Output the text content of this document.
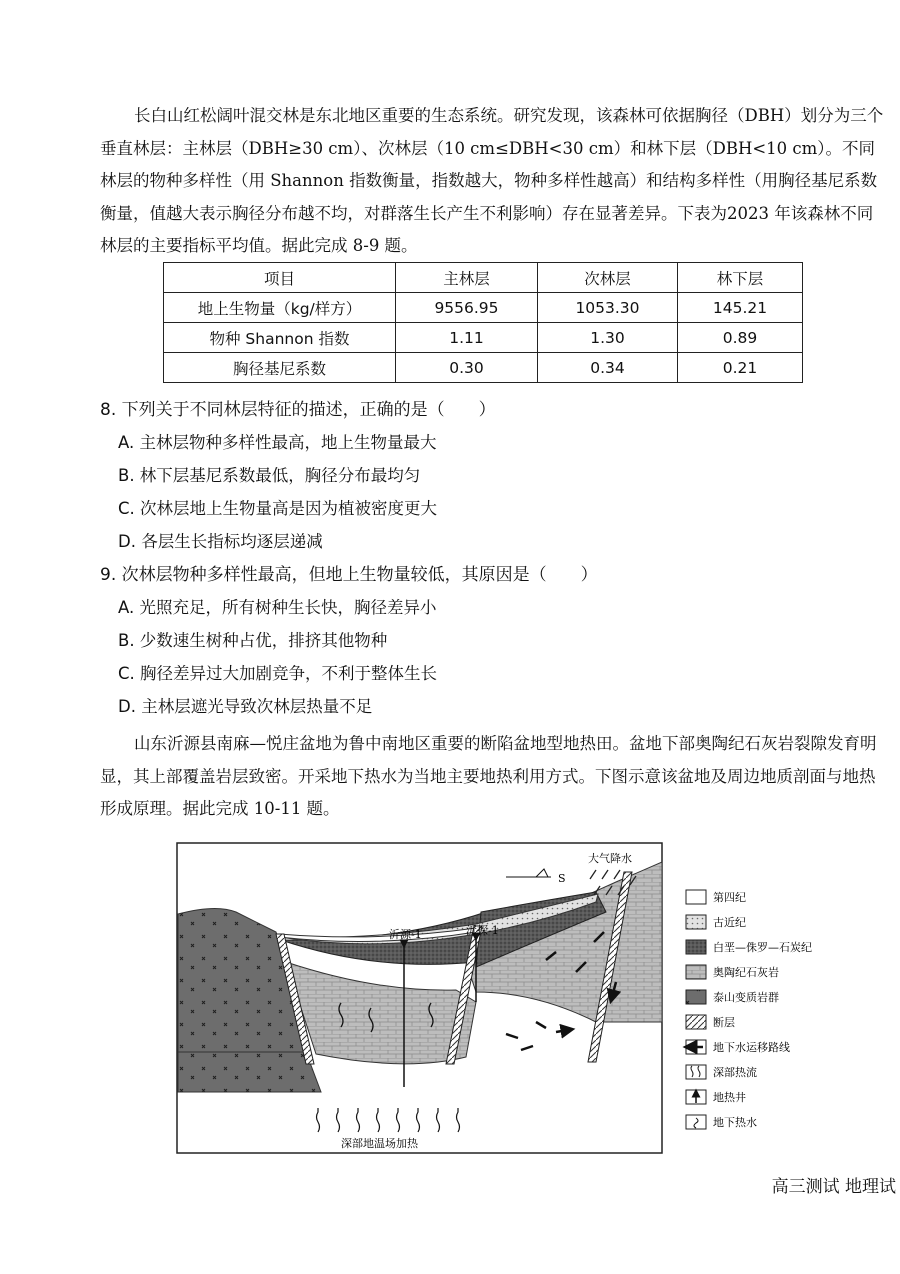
长白山红松阔叶混交林是东北地区重要的生态系统。研究发现，该森林可依据胸径（DBH）划分为三个垂直林层：主林层（DBH≥30 cm）、次林层（10 cm≤DBH<30 cm）和林下层（DBH<10 cm）。不同林层的物种多样性（用 Shannon 指数衡量，指数越大，物种多样性越高）和结构多样性（用胸径基尼系数衡量，值越大表示胸径分布越不均，对群落生长产生不利影响）存在显著差异。下表为2023 年该森林不同林层的主要指标平均值。据此完成 8-9 题。
项目	主林层	次林层	林下层
地上生物量（kg/样方）	9556.95	1053.30	145.21
物种 Shannon 指数	1.11	1.30	0.89
胸径基尼系数	0.30	0.34	0.21
8. 下列关于不同林层特征的描述，正确的是（　　）
A. 主林层物种多样性最高，地上生物量最大
B. 林下层基尼系数最低，胸径分布最均匀
C. 次林层地上生物量高是因为植被密度更大
D. 各层生长指标均逐层递减
9. 次林层物种多样性最高，但地上生物量较低，其原因是（　　）
A. 光照充足，所有树种生长快，胸径差异小
B. 少数速生树种占优，排挤其他物种
C. 胸径差异过大加剧竞争，不利于整体生长
D. 主林层遮光导致次林层热量不足
山东沂源县南麻—悦庄盆地为鲁中南地区重要的断陷盆地型地热田。盆地下部奥陶纪石灰岩裂隙发育明显，其上部覆盖岩层致密。开采地下热水为当地主要地热利用方式。下图示意该盆地及周边地质剖面与地热形成原理。据此完成 10-11 题。
沂源-1	沂探-1
S
大气降水
深部地温场加热
第四纪
古近纪
白垩—侏罗—石炭纪
奥陶纪石灰岩
泰山变质岩群
断层
地下水运移路线
深部热流
地热井
地下热水
高三测试 地理试
